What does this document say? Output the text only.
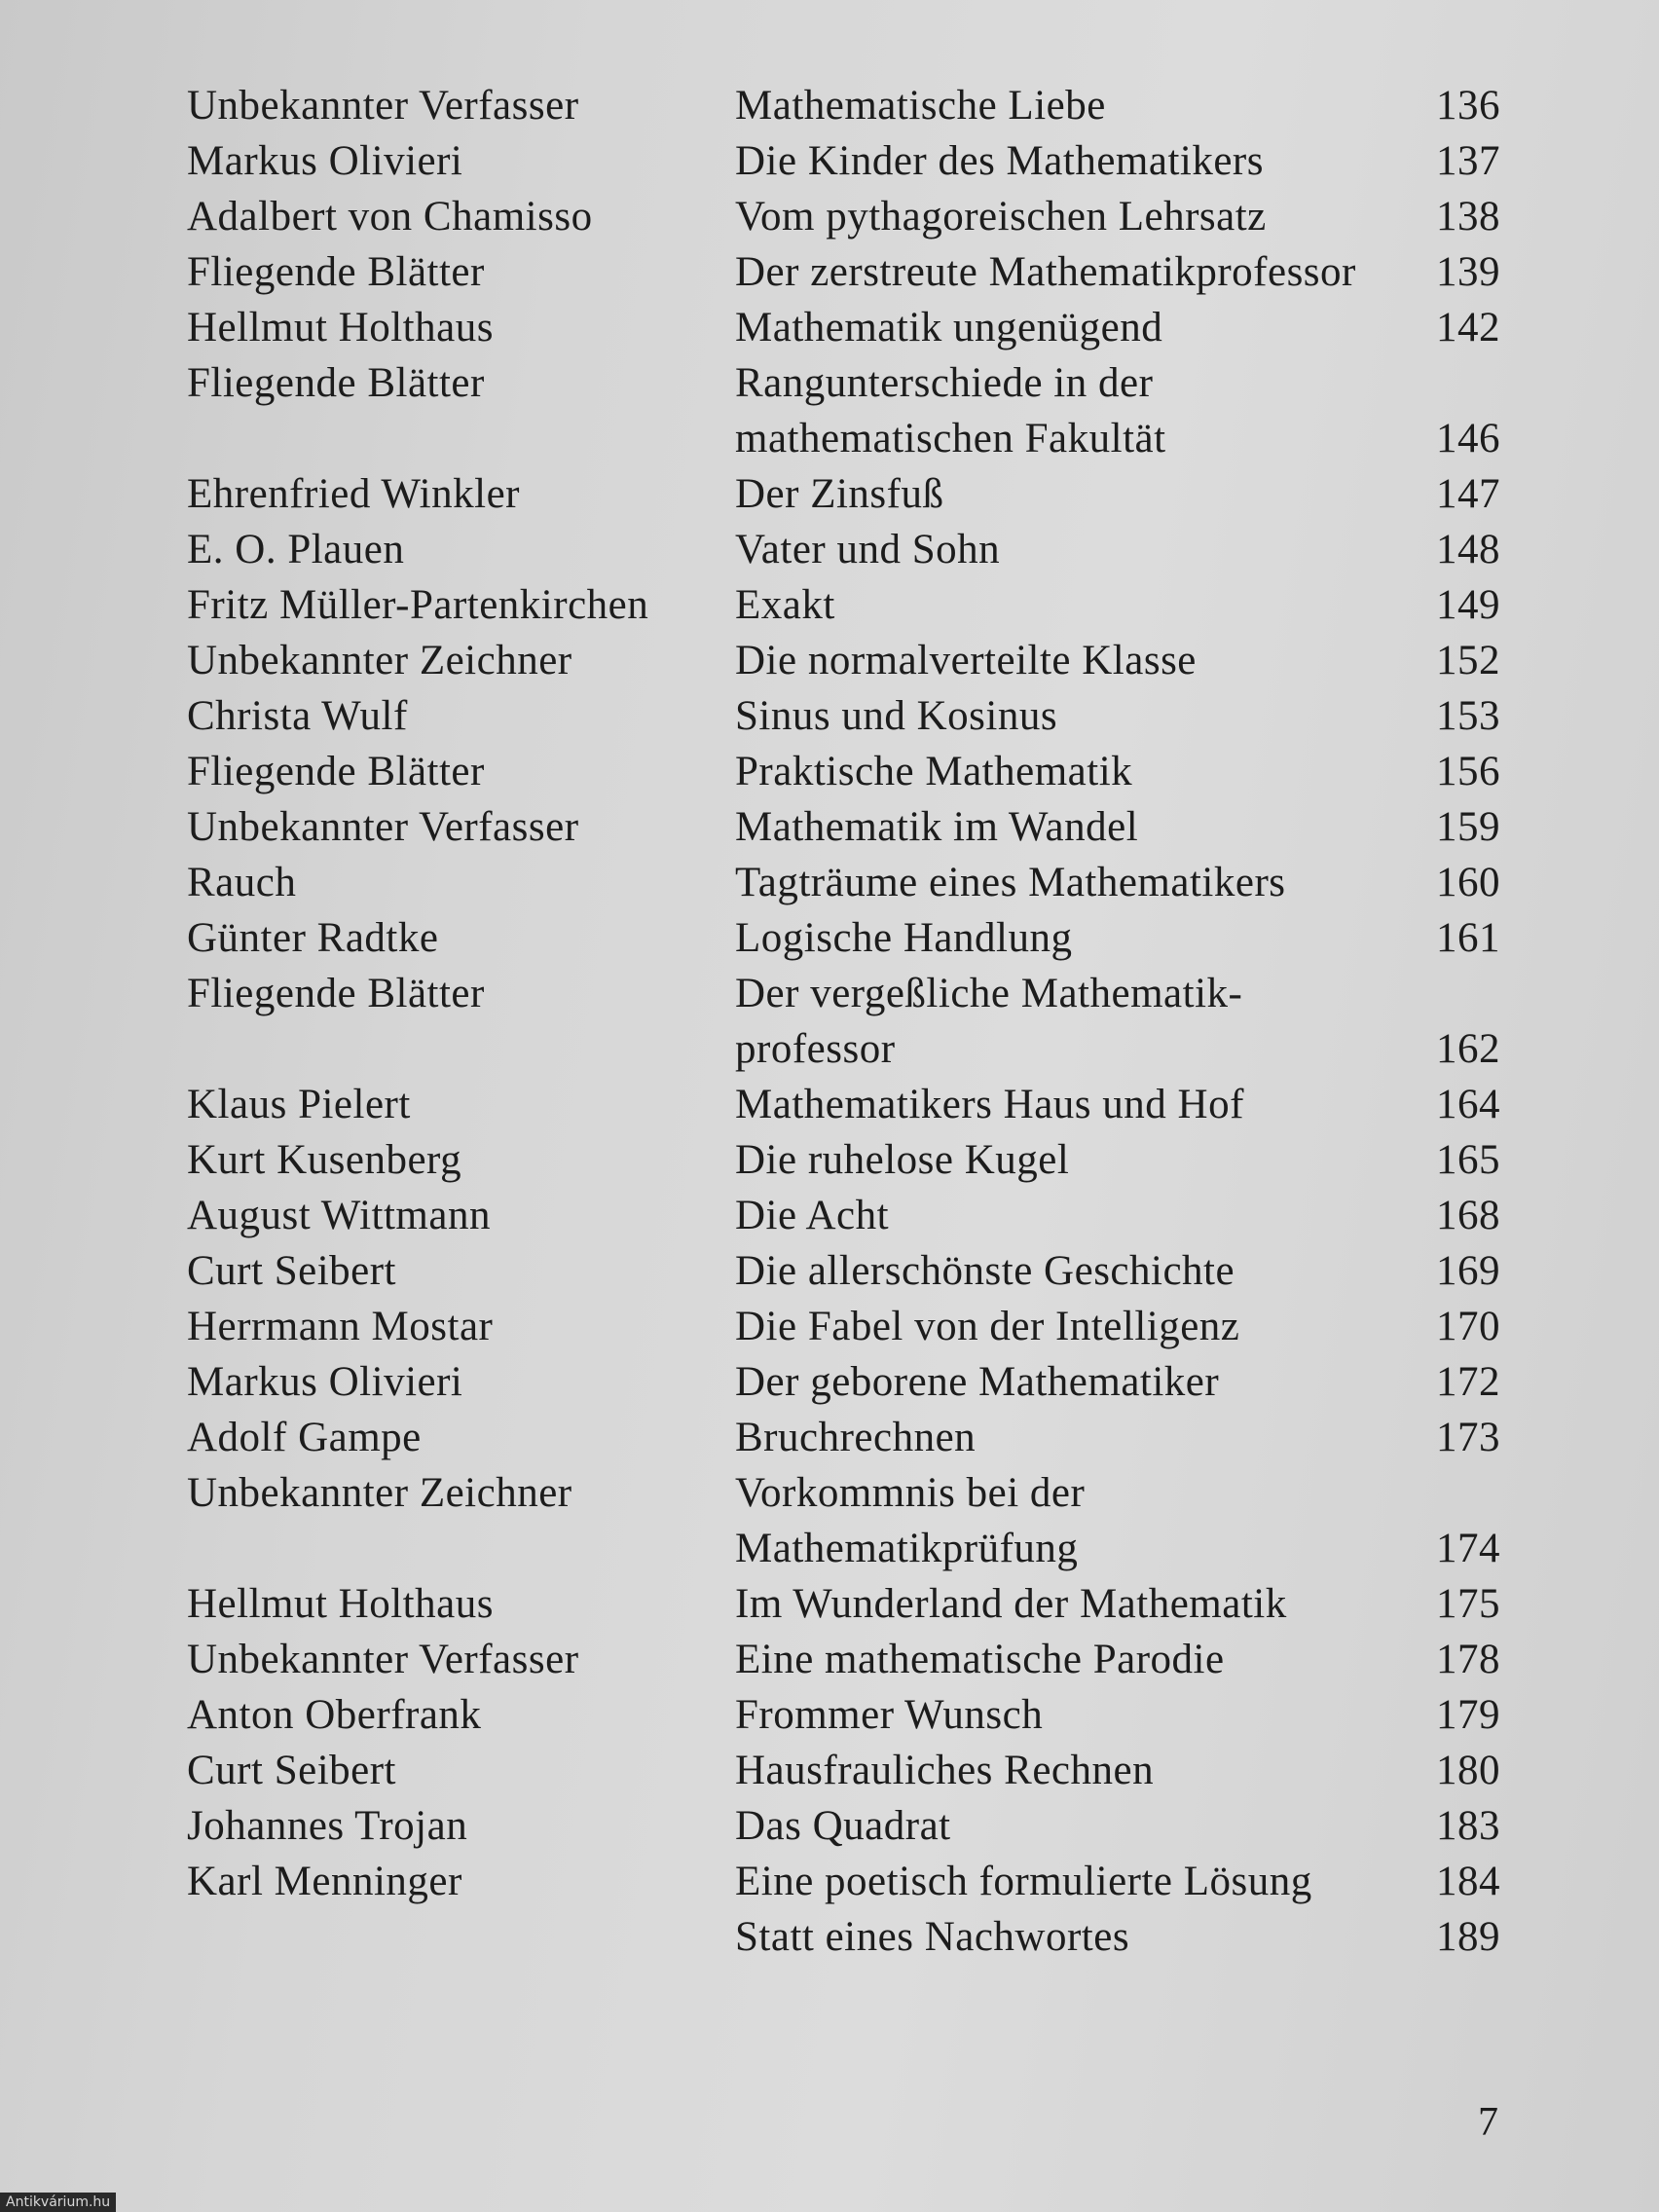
Unbekannter Verfasser	Mathematische Liebe	136
Markus Olivieri	Die Kinder des Mathematikers	137
Adalbert von Chamisso	Vom pythagoreischen Lehrsatz	138
Fliegende Blätter	Der zerstreute Mathematikprofessor 139
Hellmut Holthaus	Mathematik ungenügend	142
Fliegende Blätter	Rangunterschiede in der
mathematischen Fakultät	146
Ehrenfried Winkler	Der Zinsfuß	147
E. O. Plauen	Vater und Sohn	148
Fritz Müller-Partenkirchen Exakt	149
Unbekannter Zeichner	Die normalverteilte Klasse	152
Christa Wulf	Sinus und Kosinus	153
Fliegende Blätter	Praktische Mathematik	156
Unbekannter Verfasser	Mathematik im Wandel	159
Rauch	Tagträume eines Mathematikers	160
Günter Radtke	Logische Handlung	161
Fliegende Blätter	Der vergeßliche Mathematik-
professor	162
Klaus Pielert	Mathematikers Haus und Hof	164
Kurt Kusenberg	Die ruhelose Kugel	165
August Wittmann	Die Acht	168
Curt Seibert	Die allerschönste Geschichte	169
Herrmann Mostar	Die Fabel von der Intelligenz	170
Markus Olivieri	Der geborene Mathematiker	172
Adolf Gampe	Bruchrechnen	173
Unbekannter Zeichner	Vorkommnis bei der
Mathematikprüfung	174
Hellmut Holthaus	Im Wunderland der Mathematik	175
Unbekannter Verfasser	Eine mathematische Parodie	178
Anton Oberfrank	Frommer Wunsch	179
Curt Seibert	Hausfrauliches Rechnen	180
Johannes Trojan	Das Quadrat	183
Karl Menninger	Eine poetisch formulierte Lösung	184
Statt eines Nachwortes	189
7
Antikvárium.hu
